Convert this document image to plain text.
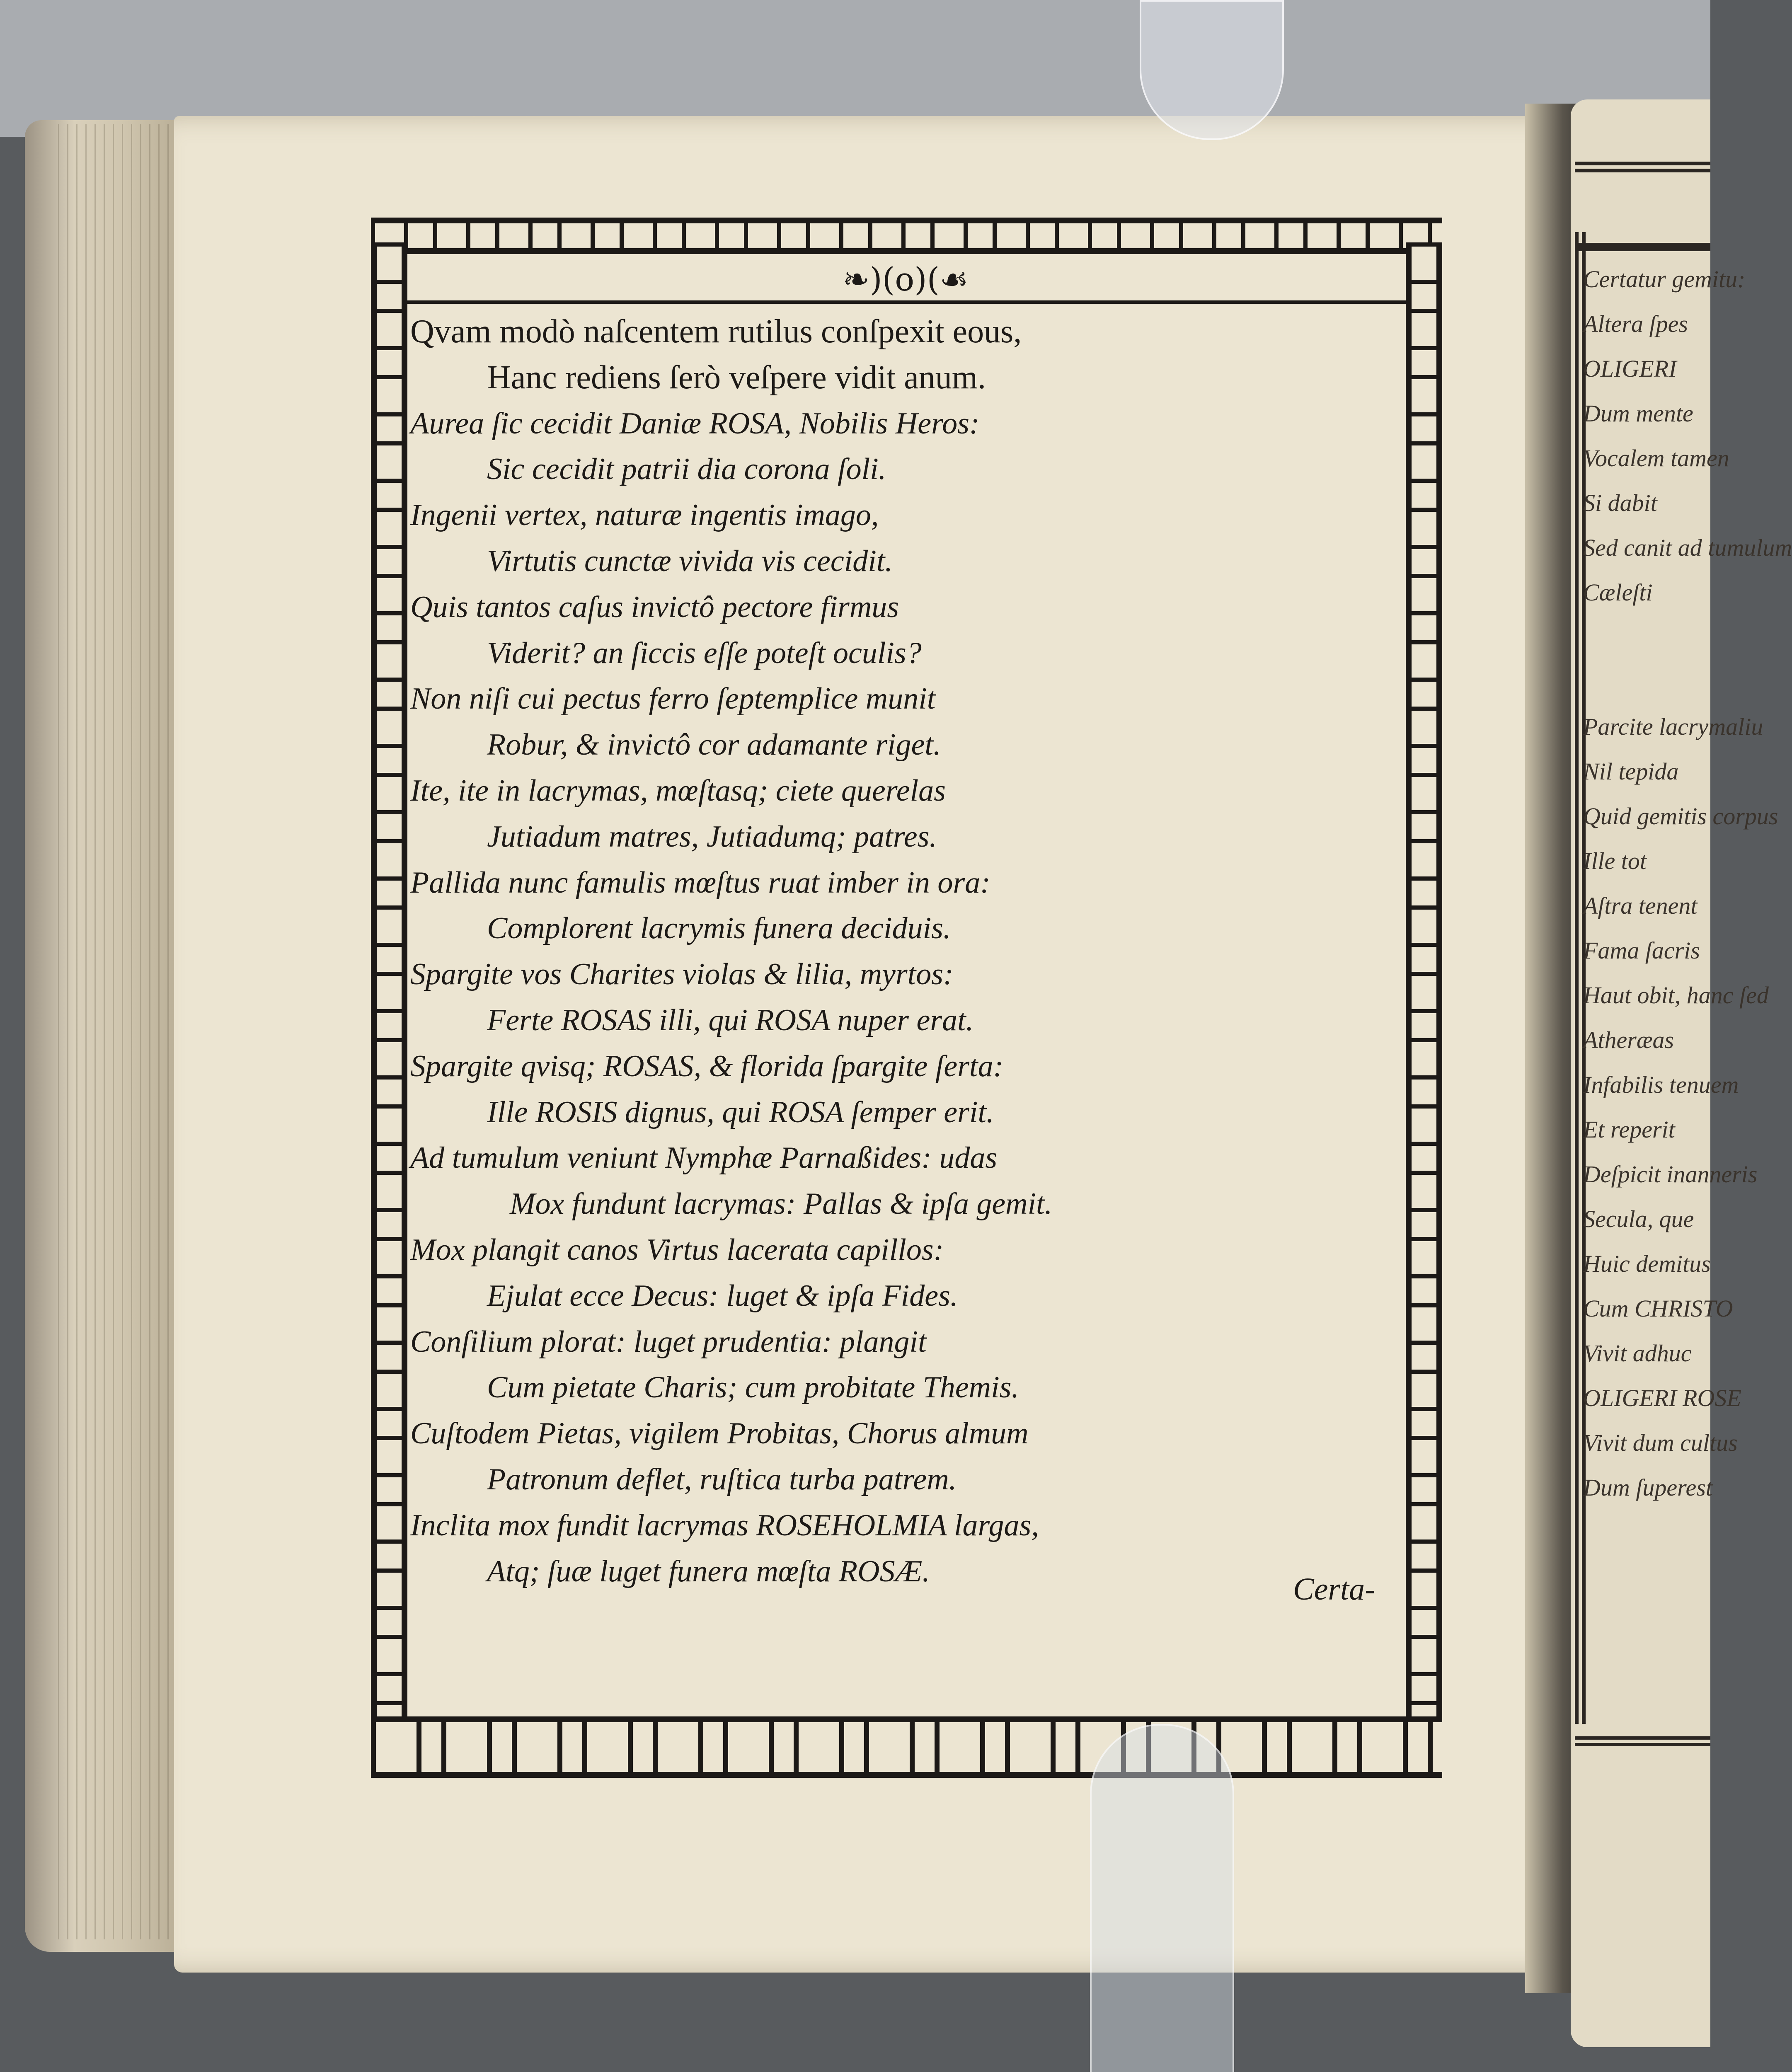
Certatur gemitu:
Altera ſpes
OLIGERI
Dum mente
Vocalem tamen
Si dabit
Sed canit ad tumulum
Cæleſti

Parcite lacrymaliu
Nil tepida
Quid gemitis corpus
Ille tot
Aſtra tenent
Fama ſacris
Haut obit, hanc ſed
Atheræas
Infabilis tenuem
Et reperit
Deſpicit inanneris
Secula, que
Huic demitus
Cum CHRISTO
Vivit adhuc
OLIGERI ROSE
Vivit dum cultus
Dum ſuperest
❧)(o)(☙
Qvam modò naſcentem rutilus conſpexit eous,
Hanc rediens ſerò veſpere vidit anum.
Aurea ſic cecidit Daniæ ROSA, Nobilis Heros:
Sic cecidit patrii dia corona ſoli.
Ingenii vertex, naturæ ingentis imago,
Virtutis cunctæ vivida vis cecidit.
Quis tantos caſus invictô pectore firmus
Viderit? an ſiccis eſſe poteſt oculis?
Non niſi cui pectus ferro ſeptemplice munit
Robur, & invictô cor adamante riget.
Ite, ite in lacrymas, mœſtasq; ciete querelas
Jutiadum matres, Jutiadumq; patres.
Pallida nunc famulis mœſtus ruat imber in ora:
Complorent lacrymis funera deciduis.
Spargite vos Charites violas & lilia, myrtos:
Ferte ROSAS illi, qui ROSA nuper erat.
Spargite qvisq; ROSAS, & florida ſpargite ſerta:
Ille ROSIS dignus, qui ROSA ſemper erit.
Ad tumulum veniunt Nymphæ Parnaßides: udas
Mox fundunt lacrymas: Pallas & ipſa gemit.
Mox plangit canos Virtus lacerata capillos:
Ejulat ecce Decus: luget & ipſa Fides.
Conſilium plorat: luget prudentia: plangit
Cum pietate Charis; cum probitate Themis.
Cuſtodem Pietas, vigilem Probitas, Chorus almum
Patronum deflet, ruſtica turba patrem.
Inclita mox fundit lacrymas ROSEHOLMIA largas,
Atq; ſuæ luget funera mœſta ROSÆ.
Certa-
